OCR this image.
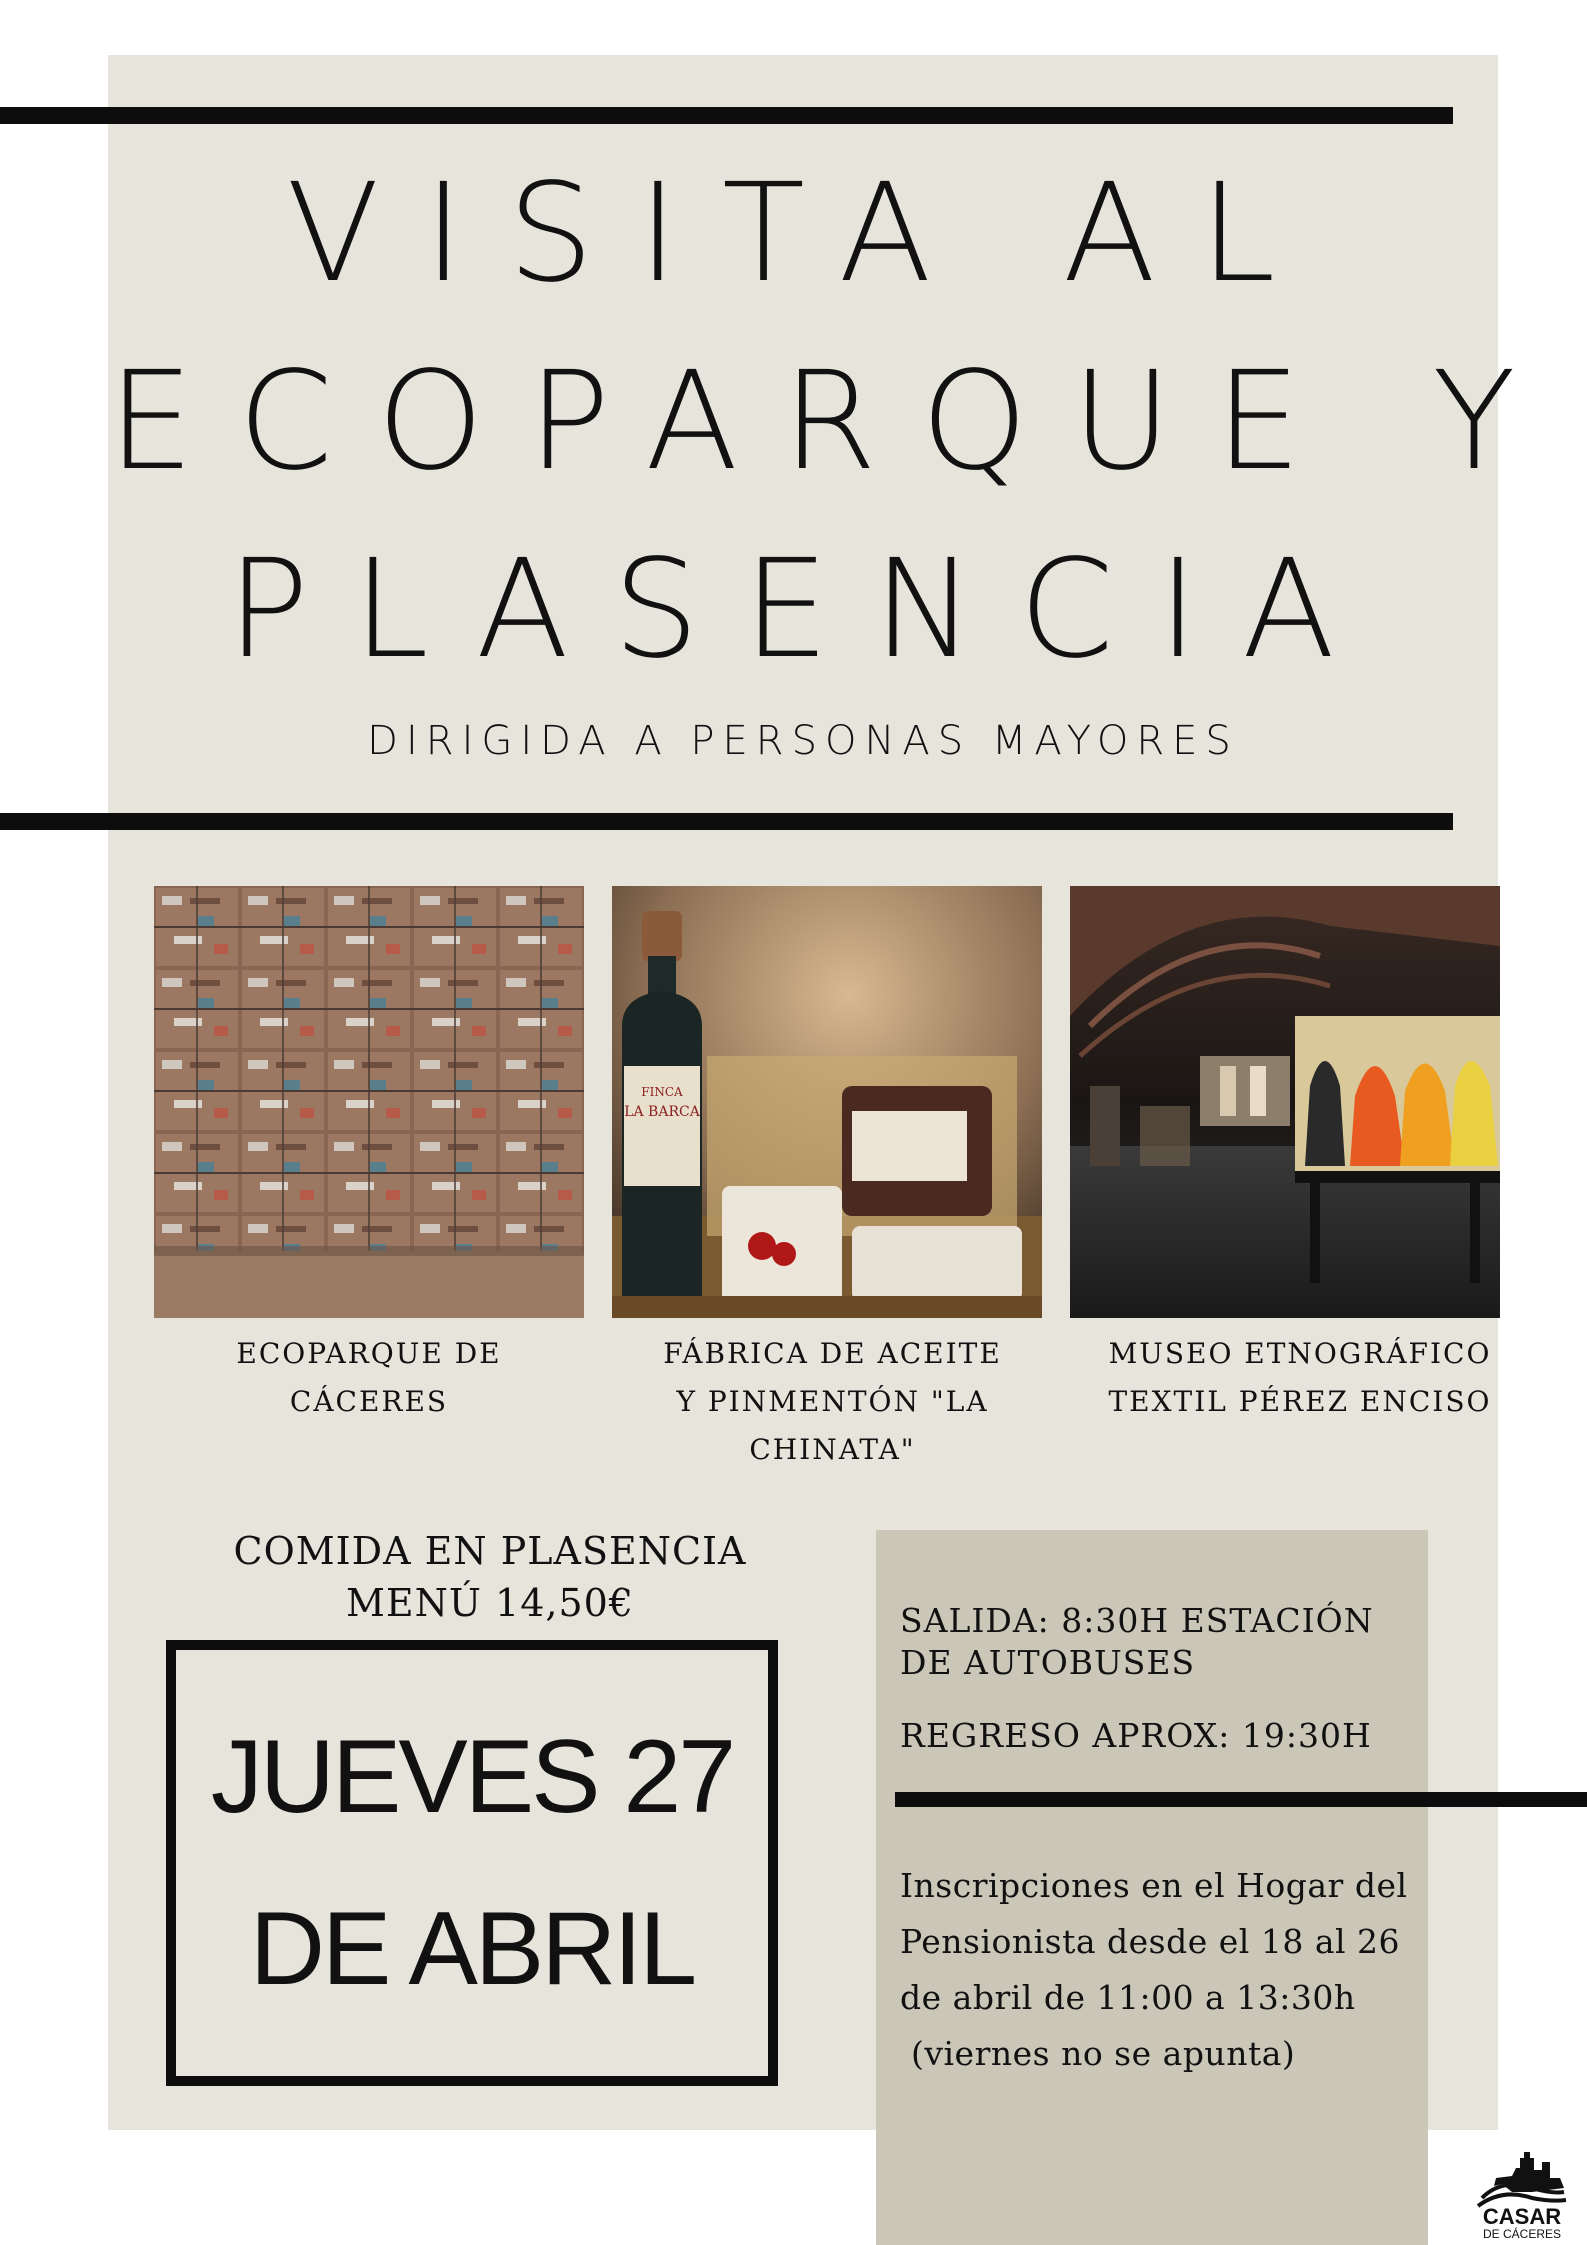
VISITA AL
ECOPARQUE Y
PLASENCIA
DIRIGIDA A PERSONAS MAYORES
FINCA
LA BARCA
ECOPARQUE DE CÁCERES
FÁBRICA DE ACEITE Y PINMENTÓN "LA CHINATA"
MUSEO ETNOGRÁFICO TEXTIL PÉREZ ENCISO
COMIDA EN PLASENCIA
MENÚ 14,50€
JUEVES 27
DE ABRIL
SALIDA: 8:30H ESTACIÓN DE AUTOBUSES
REGRESO APROX: 19:30H
Inscripciones en el Hogar del
Pensionista desde el 18 al 26
de abril de 11:00 a 13:30h
(viernes no se apunta)
CASAR
DE CÁCERES
